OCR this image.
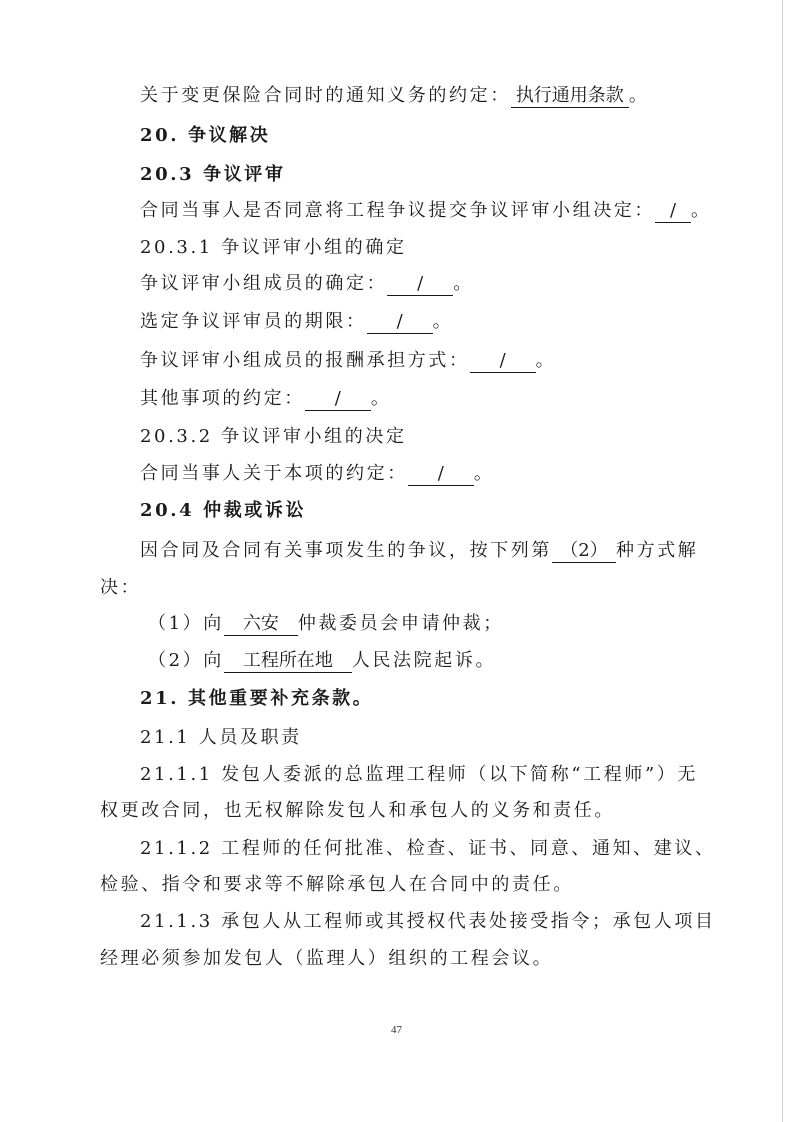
关于变更保险合同时的通知义务的约定： 执行通用条款 。
20. 争议解决
20.3 争议评审
合同当事人是否同意将工程争议提交争议评审小组决定： / 。
20.3.1 争议评审小组的确定
争议评审小组成员的确定： / 。
选定争议评审员的期限： / 。
争议评审小组成员的报酬承担方式： / 。
其他事项的约定： / 。
20.3.2 争议评审小组的决定
合同当事人关于本项的约定： / 。
20.4 仲裁或诉讼
因合同及合同有关事项发生的争议，按下列第 （2） 种方式解
决：
（1）向 六安 仲裁委员会申请仲裁；
（2）向 工程所在地 人民法院起诉。
21. 其他重要补充条款。
21.1 人员及职责
21.1.1 发包人委派的总监理工程师（以下简称“工程师”）无
权更改合同，也无权解除发包人和承包人的义务和责任。
21.1.2 工程师的任何批准、检查、证书、同意、通知、建议、
检验、指令和要求等不解除承包人在合同中的责任。
21.1.3 承包人从工程师或其授权代表处接受指令；承包人项目
经理必须参加发包人（监理人）组织的工程会议。
47
